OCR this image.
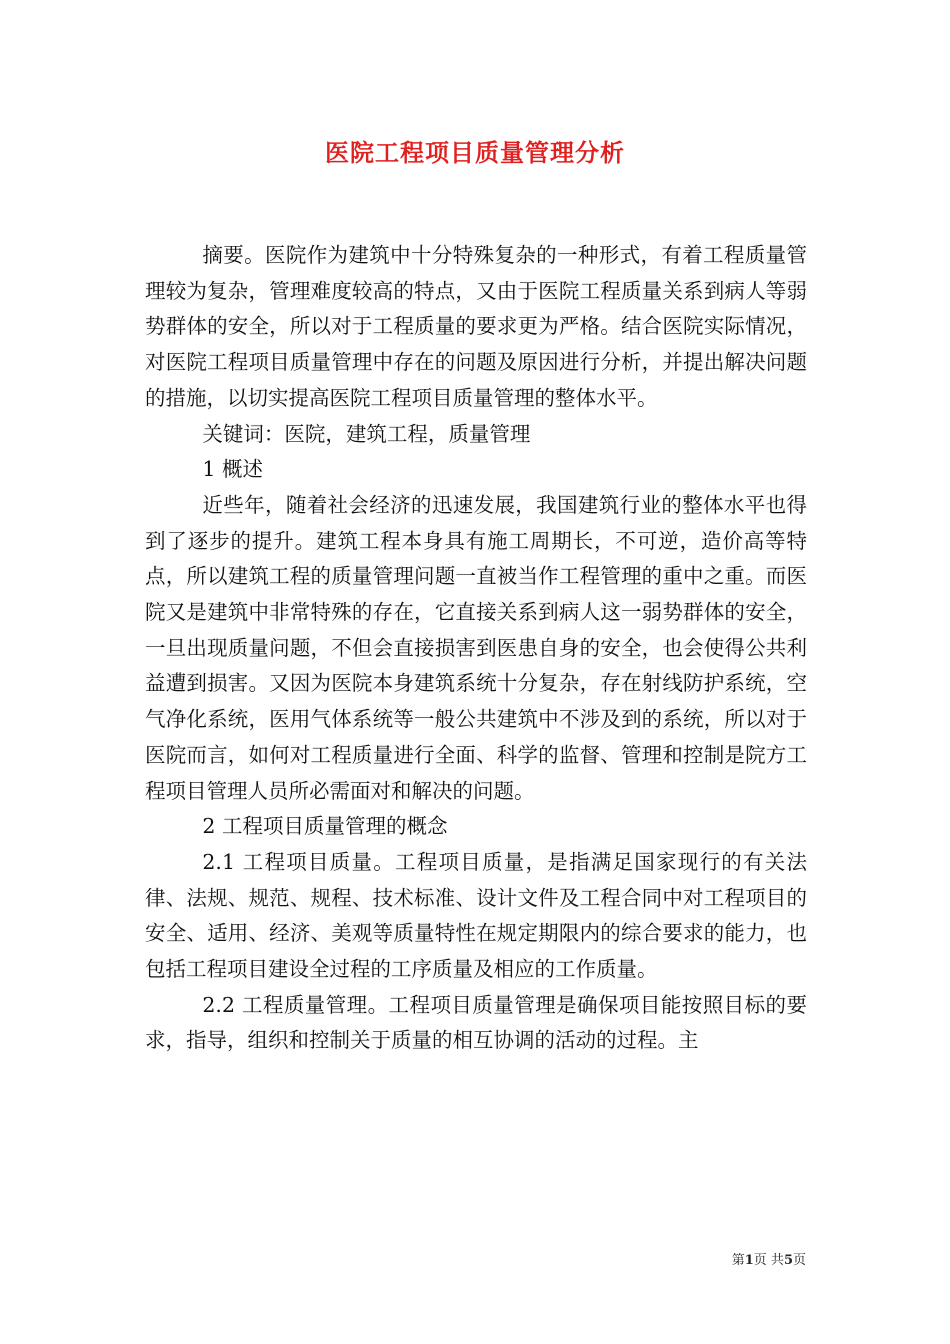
医院工程项目质量管理分析

摘要。医院作为建筑中十分特殊复杂的一种形式，有着工程质量管理较为复杂，管理难度较高的特点，又由于医院工程质量关系到病人等弱势群体的安全，所以对于工程质量的要求更为严格。结合医院实际情况，对医院工程项目质量管理中存在的问题及原因进行分析，并提出解决问题的措施，以切实提高医院工程项目质量管理的整体水平。

关键词：医院，建筑工程，质量管理

1 概述

近些年，随着社会经济的迅速发展，我国建筑行业的整体水平也得到了逐步的提升。建筑工程本身具有施工周期长，不可逆，造价高等特点，所以建筑工程的质量管理问题一直被当作工程管理的重中之重。而医院又是建筑中非常特殊的存在，它直接关系到病人这一弱势群体的安全，一旦出现质量问题，不但会直接损害到医患自身的安全，也会使得公共利益遭到损害。又因为医院本身建筑系统十分复杂，存在射线防护系统，空气净化系统，医用气体系统等一般公共建筑中不涉及到的系统，所以对于医院而言，如何对工程质量进行全面、科学的监督、管理和控制是院方工程项目管理人员所必需面对和解决的问题。

2 工程项目质量管理的概念

2.1 工程项目质量。工程项目质量，是指满足国家现行的有关法律、法规、规范、规程、技术标准、设计文件及工程合同中对工程项目的安全、适用、经济、美观等质量特性在规定期限内的综合要求的能力，也包括工程项目建设全过程的工序质量及相应的工作质量。

2.2 工程质量管理。工程项目质量管理是确保项目能按照目标的要求，指导，组织和控制关于质量的相互协调的活动的过程。主

第1页 共5页
